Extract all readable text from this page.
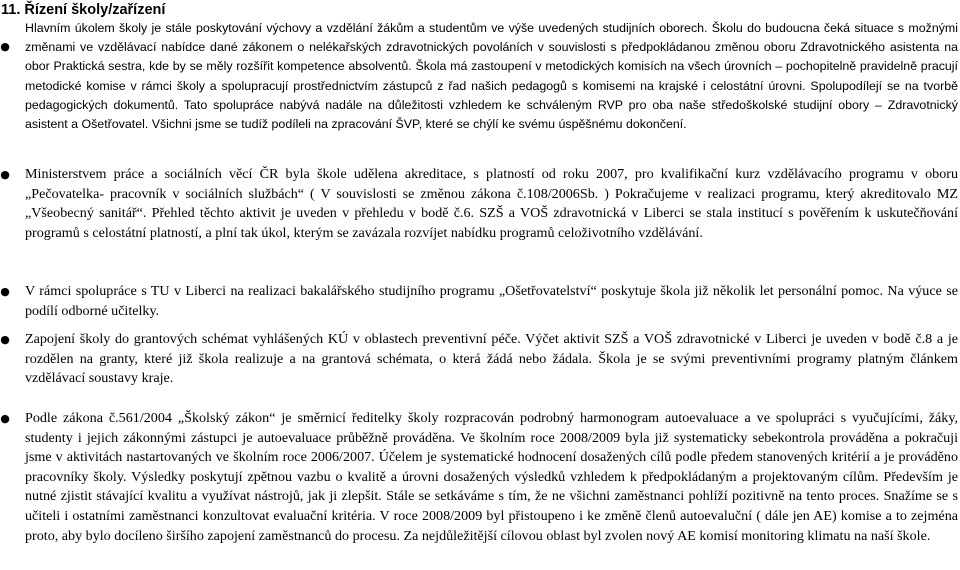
11. Řízení školy/zařízení
●
Hlavním úkolem školy je stále poskytování výchovy a vzdělání žákům a studentům ve výše uvedených studijních oborech. Školu do budoucna čeká situace s možnými změnami ve vzdělávací nabídce dané zákonem o nelékařských zdravotnických povoláních v souvislosti s předpokládanou změnou oboru Zdravotnického asistenta na obor Praktická sestra, kde by se měly rozšířit kompetence absolventů. Škola má zastoupení v metodických komisích na všech úrovních – pochopitelně pravidelně pracují metodické komise v rámci školy a spolupracují prostřednictvím zástupců z řad našich pedagogů s komisemi na krajské i celostátní úrovni. Spolupodílejí se na tvorbě pedagogických dokumentů. Tato spolupráce nabývá nadále na důležitosti vzhledem ke schváleným RVP pro oba naše středoškolské studijní obory – Zdravotnický asistent a Ošetřovatel. Všichni jsme se tudíž podíleli na zpracování ŠVP, které se chýlí ke svému úspěšnému dokončení.
● Ministerstvem práce a sociálních věcí ČR byla škole udělena akreditace, s platností od roku 2007, pro kvalifikační kurz vzdělávacího programu v oboru „Pečovatelka- pracovník v sociálních službách“ ( V souvislosti se změnou zákona č.108/2006Sb. ) Pokračujeme v realizaci programu, který akreditovalo MZ „Všeobecný sanitář“. Přehled těchto aktivit je uveden v přehledu v bodě č.6. SZŠ a VOŠ zdravotnická v Liberci se stala institucí s pověřením k uskutečňování programů s celostátní platností, a plní tak úkol, kterým se zavázala rozvíjet nabídku programů celoživotního vzdělávání.
● V rámci spolupráce s TU v Liberci na realizaci bakalářského studijního programu „Ošetřovatelství“ poskytuje škola již několik let personální pomoc. Na výuce se podílí odborné učitelky.
● Zapojení školy do grantových schémat vyhlášených KÚ v oblastech preventivní péče. Výčet aktivit SZŠ a VOŠ zdravotnické v Liberci je uveden v bodě č.8 a je rozdělen na granty, které již škola realizuje a na grantová schémata, o která žádá nebo žádala. Škola je se svými preventivními programy platným článkem vzdělávací soustavy kraje.
● Podle zákona č.561/2004 „Školský zákon“ je směrnicí ředitelky školy rozpracován podrobný harmonogram autoevaluace a ve spolupráci s vyučujícími, žáky, studenty i jejich zákonnými zástupci je autoevaluace průběžně prováděna. Ve školním roce 2008/2009 byla již systematicky sebekontrola prováděna a pokračuji jsme v aktivitách nastartovaných ve školním roce 2006/2007. Účelem je systematické hodnocení dosažených cílů podle předem stanovených kritérií a je prováděno pracovníky školy. Výsledky poskytují zpětnou vazbu o kvalitě a úrovni dosažených výsledků vzhledem k předpokládaným a projektovaným cílům. Především je nutné zjistit stávající kvalitu a využívat nástrojů, jak ji zlepšit. Stále se setkáváme s tím, že ne všichni zaměstnanci pohlíží pozitivně na tento proces. Snažíme se s učiteli i ostatními zaměstnanci konzultovat evaluační kritéria. V roce 2008/2009 byl přistoupeno i ke změně členů autoevaluční ( dále jen AE) komise a to zejména proto, aby bylo docíleno širšího zapojení zaměstnanců do procesu. Za nejdůležitější cílovou oblast byl zvolen nový AE komisí monitoring klimatu na naší škole.
